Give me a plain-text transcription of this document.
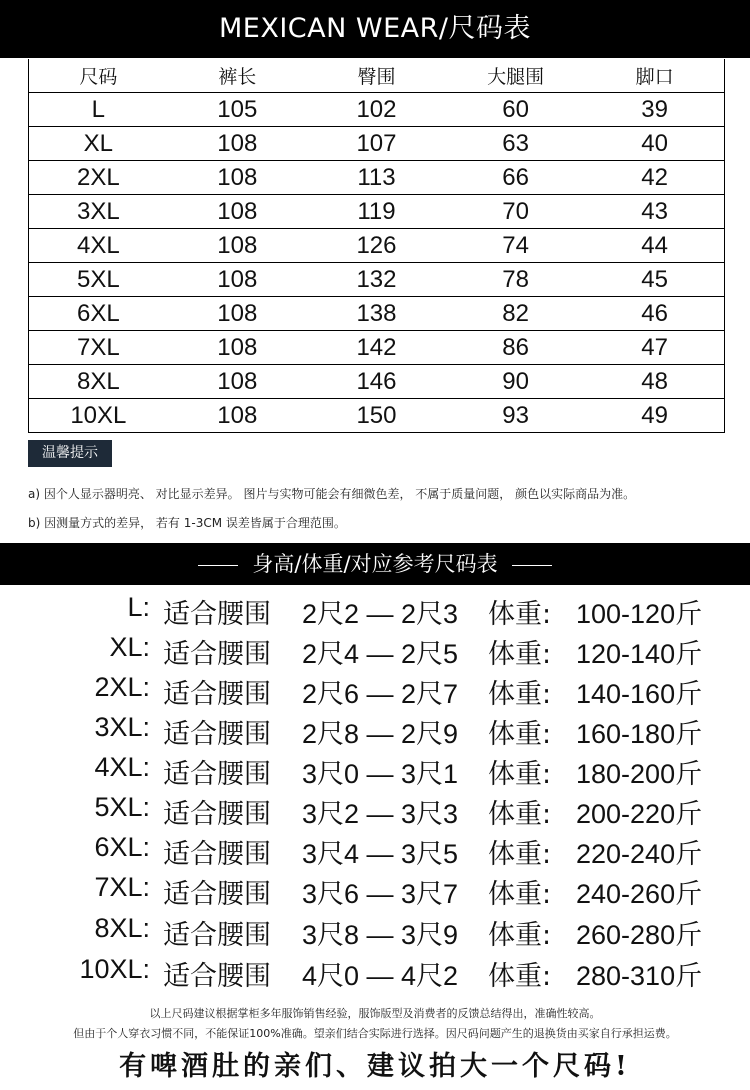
MEXICAN WEAR/尺码表
尺码	裤长	臀围	大腿围	脚口
L	105	102	60	39
XL	108	107	63	40
2XL	108	113	66	42
3XL	108	119	70	43
4XL	108	126	74	44
5XL	108	132	78	45
6XL	108	138	82	46
7XL	108	142	86	47
8XL	108	146	90	48
10XL	108	150	93	49
温馨提示
a) 因个人显示器明亮、 对比显示差异。 图片与实物可能会有细微色差， 不属于质量问题， 颜色以实际商品为准。
b) 因测量方式的差异， 若有 1-3CM 误差皆属于合理范围。
身高/体重/对应参考尺码表
L: 适合腰围 2尺2 — 2尺3 体重: 100-120斤
XL: 适合腰围 2尺4 — 2尺5 体重: 120-140斤
2XL: 适合腰围 2尺6 — 2尺7 体重: 140-160斤
3XL: 适合腰围 2尺8 — 2尺9 体重: 160-180斤
4XL: 适合腰围 3尺0 — 3尺1 体重: 180-200斤
5XL: 适合腰围 3尺2 — 3尺3 体重: 200-220斤
6XL: 适合腰围 3尺4 — 3尺5 体重: 220-240斤
7XL: 适合腰围 3尺6 — 3尺7 体重: 240-260斤
8XL: 适合腰围 3尺8 — 3尺9 体重: 260-280斤
10XL: 适合腰围 4尺0 — 4尺2 体重: 280-310斤
以上尺码建议根据掌柜多年服饰销售经验，服饰版型及消费者的反馈总结得出，准确性较高。
但由于个人穿衣习惯不同，不能保证100%准确。望亲们结合实际进行选择。因尺码问题产生的退换货由买家自行承担运费。
有啤酒肚的亲们、建议拍大一个尺码!
